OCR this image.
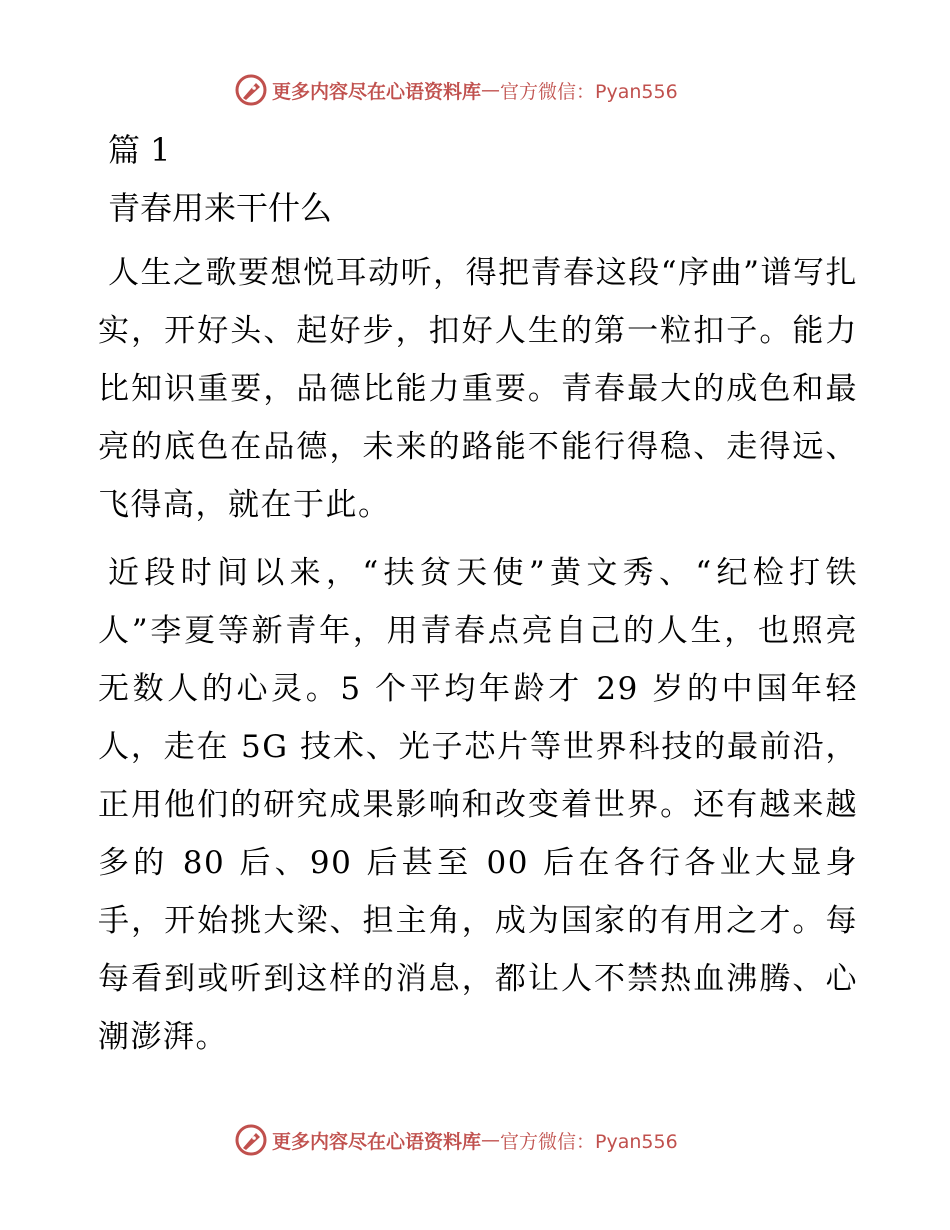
更多内容尽在心语资料库 — 官方微信：Pyan556

篇 1

青春用来干什么

人生之歌要想悦耳动听，得把青春这段“序曲”谱写扎实，开好头、起好步，扣好人生的第一粒扣子。能力比知识重要，品德比能力重要。青春最大的成色和最亮的底色在品德，未来的路能不能行得稳、走得远、飞得高，就在于此。

近段时间以来，“扶贫天使”黄文秀、“纪检打铁人”李夏等新青年，用青春点亮自己的人生，也照亮无数人的心灵。5 个平均年龄才 29 岁的中国年轻人，走在 5G 技术、光子芯片等世界科技的最前沿，正用他们的研究成果影响和改变着世界。还有越来越多的 80 后、90 后甚至 00 后在各行各业大显身手，开始挑大梁、担主角，成为国家的有用之才。每每看到或听到这样的消息，都让人不禁热血沸腾、心潮澎湃。

更多内容尽在心语资料库 — 官方微信：Pyan556
